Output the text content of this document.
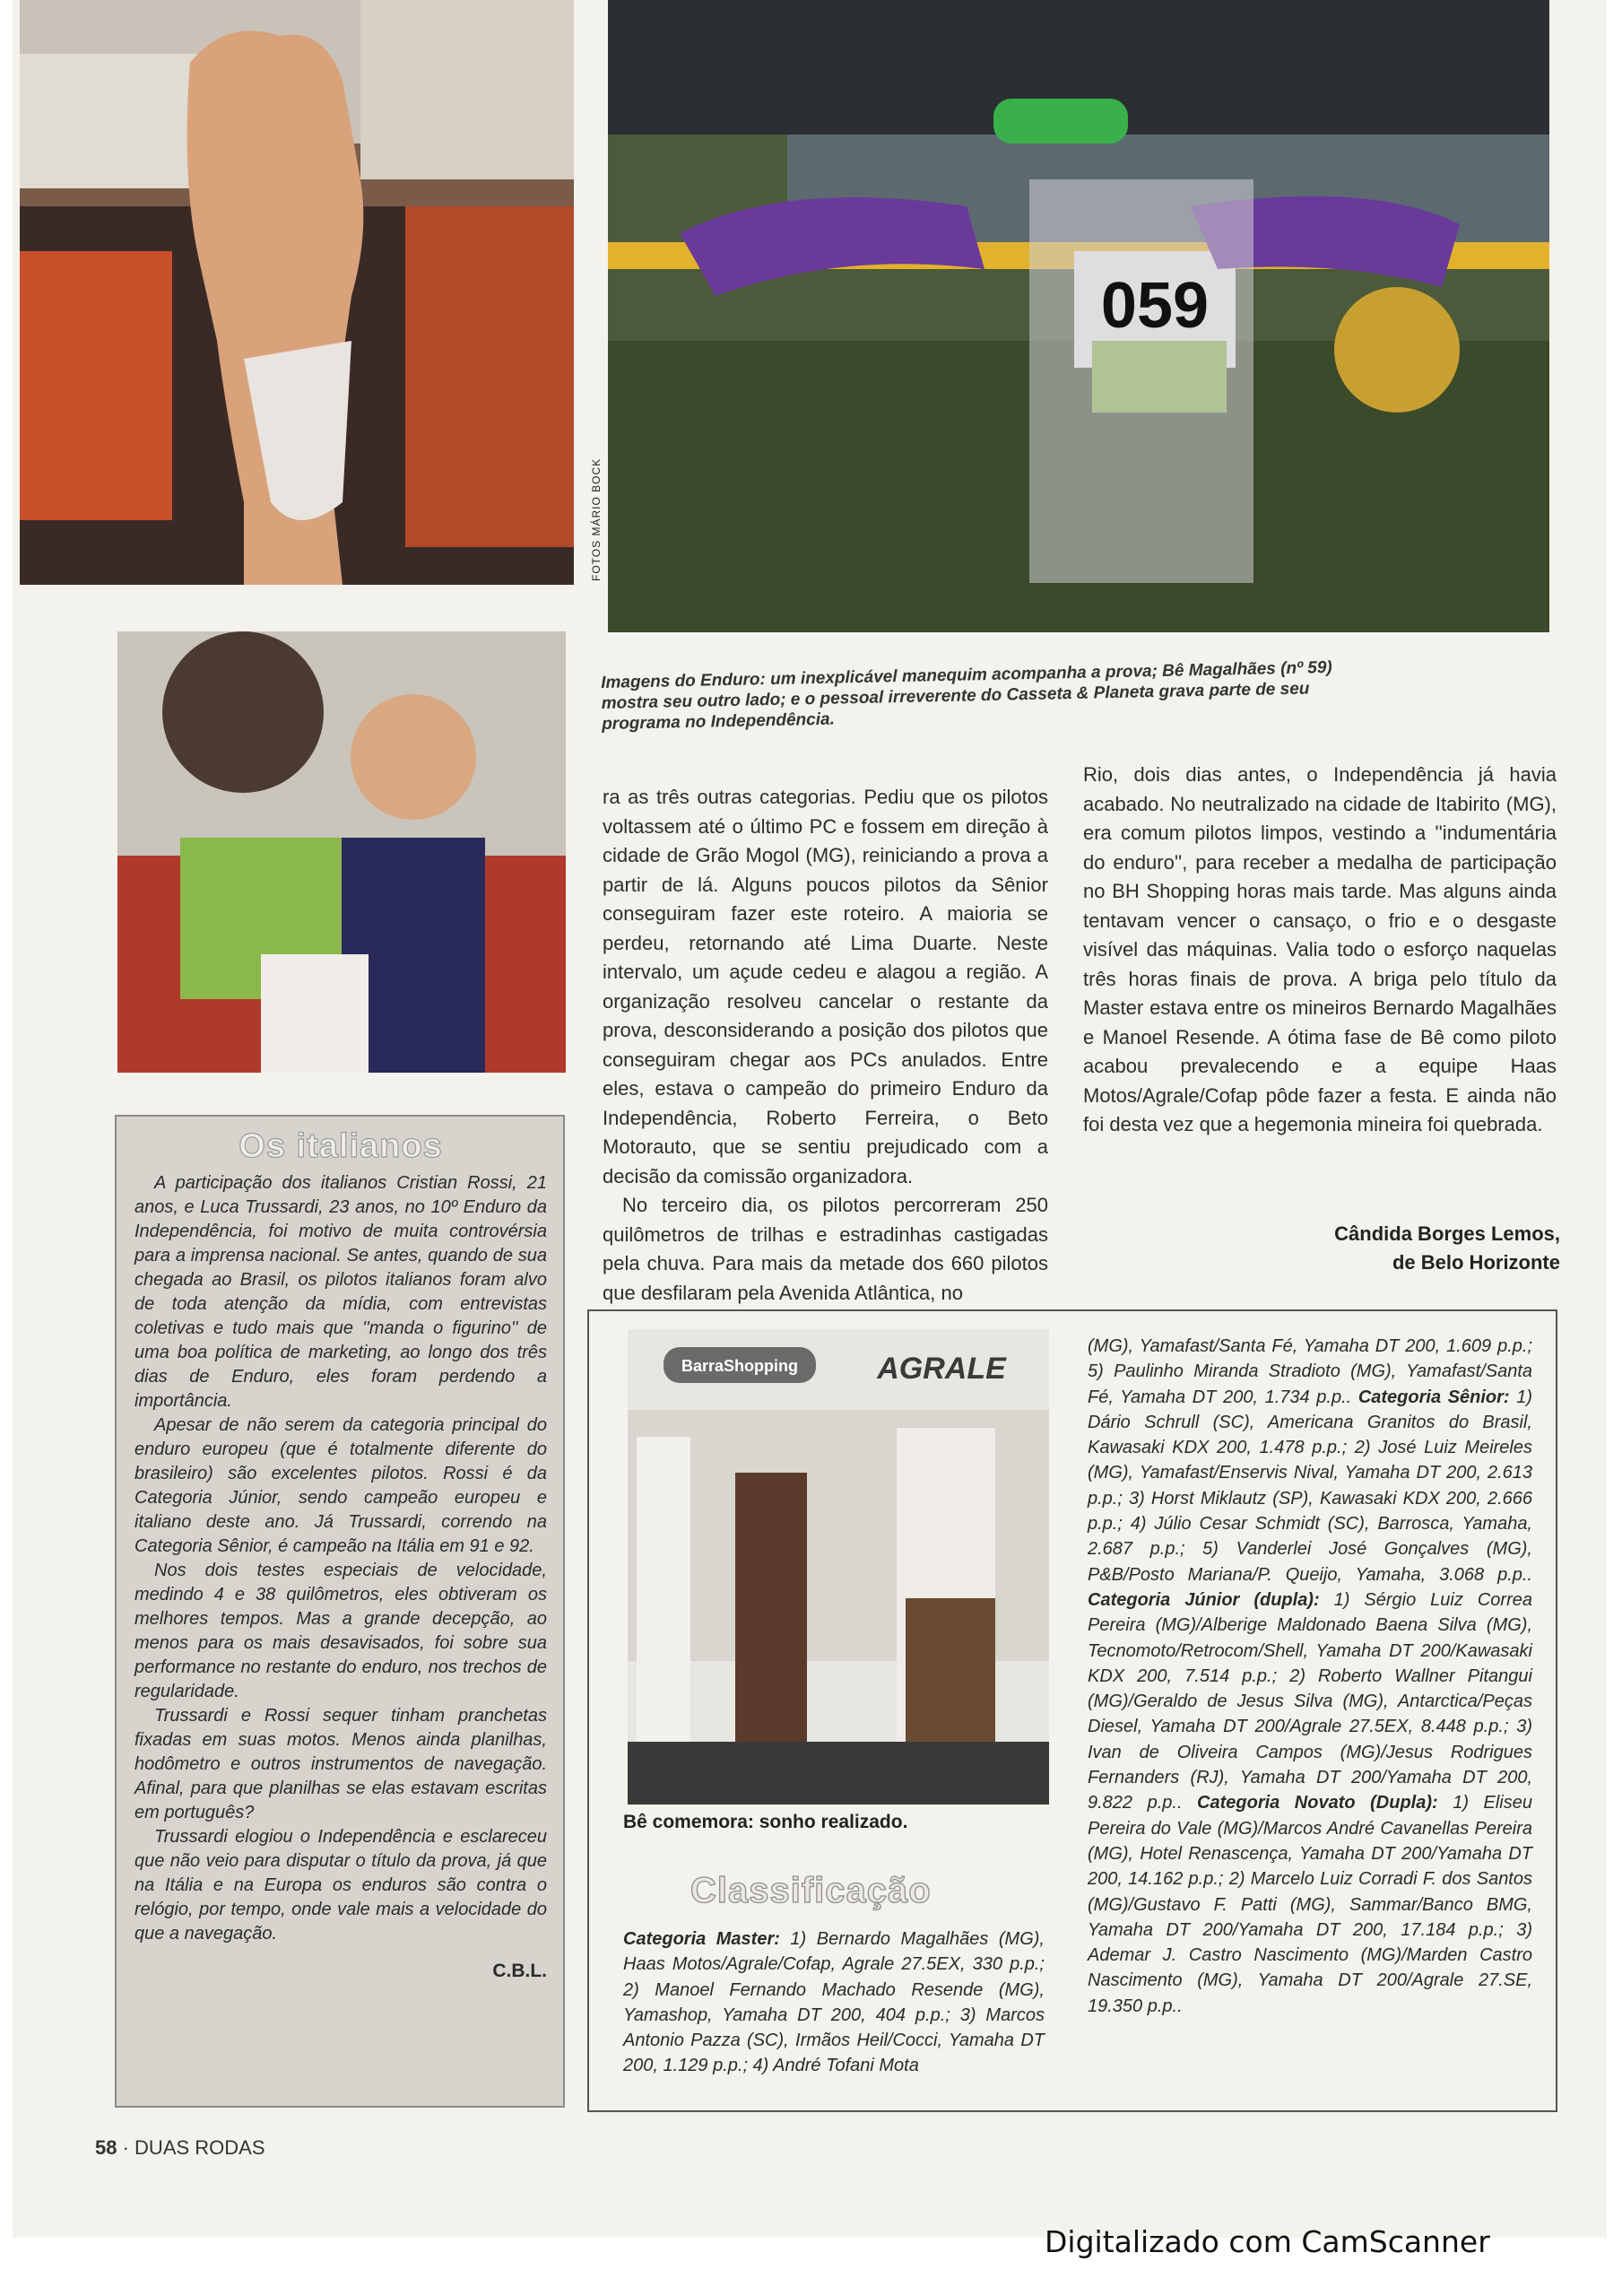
059
FOTOS MÁRIO BOCK
Imagens do Enduro: um inexplicável manequim acompanha a prova; Bê Magalhães (nº 59) mostra seu outro lado; e o pessoal irreverente do Casseta & Planeta grava parte de seu programa no Independência.

ra as três outras categorias. Pediu que os pilotos voltassem até o último PC e fossem em direção à cidade de Grão Mogol (MG), reiniciando a prova a partir de lá. Alguns poucos pilotos da Sênior conseguiram fazer este roteiro. A maioria se perdeu, retornando até Lima Duarte. Neste intervalo, um açude cedeu e alagou a região. A organização resolveu cancelar o restante da prova, desconsiderando a posição dos pilotos que conseguiram chegar aos PCs anulados. Entre eles, estava o campeão do primeiro Enduro da Independência, Roberto Ferreira, o Beto Motorauto, que se sentiu prejudicado com a decisão da comissão organizadora.

No terceiro dia, os pilotos percorreram 250 quilômetros de trilhas e estradinhas castigadas pela chuva. Para mais da metade dos 660 pilotos que desfilaram pela Avenida Atlântica, no

Rio, dois dias antes, o Independência já havia acabado. No neutralizado na cidade de Itabirito (MG), era comum pilotos limpos, vestindo a ''indumentária do enduro'', para receber a medalha de participação no BH Shopping horas mais tarde. Mas alguns ainda tentavam vencer o cansaço, o frio e o desgaste visível das máquinas. Valia todo o esforço naquelas três horas finais de prova. A briga pelo título da Master estava entre os mineiros Bernardo Magalhães e Manoel Resende. A ótima fase de Bê como piloto acabou prevalecendo e a equipe Haas Motos/Agrale/Cofap pôde fazer a festa. E ainda não foi desta vez que a hegemonia mineira foi quebrada.

Cândida Borges Lemos,
de Belo Horizonte
Os italianos

A participação dos italianos Cristian Rossi, 21 anos, e Luca Trussardi, 23 anos, no 10º Enduro da Independência, foi motivo de muita controvérsia para a imprensa nacional. Se antes, quando de sua chegada ao Brasil, os pilotos italianos foram alvo de toda atenção da mídia, com entrevistas coletivas e tudo mais que ''manda o figurino'' de uma boa política de marketing, ao longo dos três dias de Enduro, eles foram perdendo a importância.

Apesar de não serem da categoria principal do enduro europeu (que é totalmente diferente do brasileiro) são excelentes pilotos. Rossi é da Categoria Júnior, sendo campeão europeu e italiano deste ano. Já Trussardi, correndo na Categoria Sênior, é campeão na Itália em 91 e 92.

Nos dois testes especiais de velocidade, medindo 4 e 38 quilômetros, eles obtiveram os melhores tempos. Mas a grande decepção, ao menos para os mais desavisados, foi sobre sua performance no restante do enduro, nos trechos de regularidade.

Trussardi e Rossi sequer tinham pranchetas fixadas em suas motos. Menos ainda planilhas, hodômetro e outros instrumentos de navegação. Afinal, para que planilhas se elas estavam escritas em português?

Trussardi elogiou o Independência e esclareceu que não veio para disputar o título da prova, já que na Itália e na Europa os enduros são contra o relógio, por tempo, onde vale mais a velocidade do que a navegação.

C.B.L.

BarraShopping	AGRALE
Bê comemora: sonho realizado.
Classificação
Categoria Master: 1) Bernardo Magalhães (MG), Haas Motos/Agrale/Cofap, Agrale 27.5EX, 330 p.p.; 2) Manoel Fernando Machado Resende (MG), Yamashop, Yamaha DT 200, 404 p.p.; 3) Marcos Antonio Pazza (SC), Irmãos Heil/Cocci, Yamaha DT 200, 1.129 p.p.; 4) André Tofani Mota
(MG), Yamafast/Santa Fé, Yamaha DT 200, 1.609 p.p.; 5) Paulinho Miranda Stradioto (MG), Yamafast/Santa Fé, Yamaha DT 200, 1.734 p.p.. Categoria Sênior: 1) Dário Schrull (SC), Americana Granitos do Brasil, Kawasaki KDX 200, 1.478 p.p.; 2) José Luiz Meireles (MG), Yamafast/Enservis Nival, Yamaha DT 200, 2.613 p.p.; 3) Horst Miklautz (SP), Kawasaki KDX 200, 2.666 p.p.; 4) Júlio Cesar Schmidt (SC), Barrosca, Yamaha, 2.687 p.p.; 5) Vanderlei José Gonçalves (MG), P&B/Posto Mariana/P. Queijo, Yamaha, 3.068 p.p.. Categoria Júnior (dupla): 1) Sérgio Luiz Correa Pereira (MG)/Alberige Maldonado Baena Silva (MG), Tecnomoto/Retrocom/Shell, Yamaha DT 200/Kawasaki KDX 200, 7.514 p.p.; 2) Roberto Wallner Pitangui (MG)/Geraldo de Jesus Silva (MG), Antarctica/Peças Diesel, Yamaha DT 200/Agrale 27.5EX, 8.448 p.p.; 3) Ivan de Oliveira Campos (MG)/Jesus Rodrigues Fernanders (RJ), Yamaha DT 200/Yamaha DT 200, 9.822 p.p.. Categoria Novato (Dupla): 1) Eliseu Pereira do Vale (MG)/Marcos André Cavanellas Pereira (MG), Hotel Renascença, Yamaha DT 200/Yamaha DT 200, 14.162 p.p.; 2) Marcelo Luiz Corradi F. dos Santos (MG)/Gustavo F. Patti (MG), Sammar/Banco BMG, Yamaha DT 200/Yamaha DT 200, 17.184 p.p.; 3) Ademar J. Castro Nascimento (MG)/Marden Castro Nascimento (MG), Yamaha DT 200/Agrale 27.SE, 19.350 p.p..
58 · DUAS RODAS
Digitalizado com CamScanner
